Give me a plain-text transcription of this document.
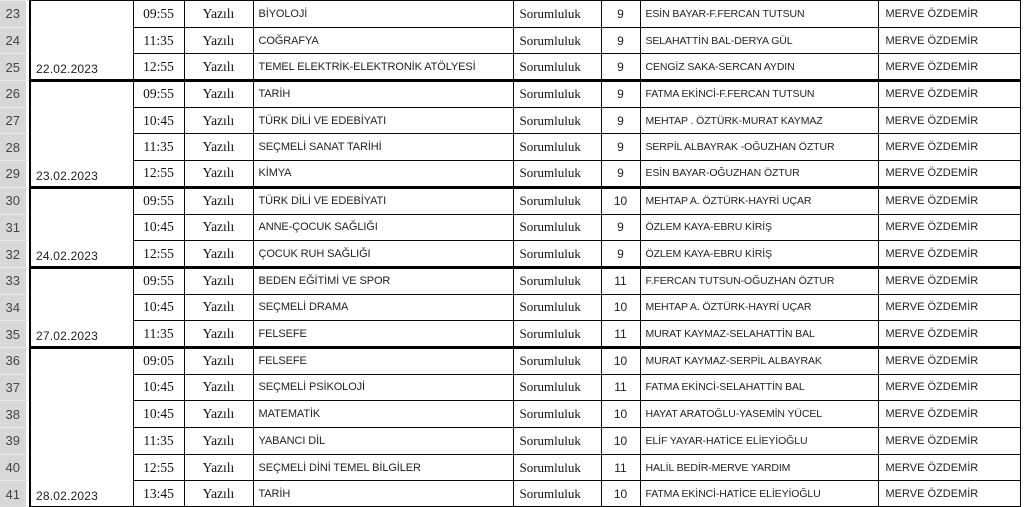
23	22.02.2023	09:55	Yazılı	BİYOLOJİ	Sorumluluk	9	ESİN BAYAR-F.FERCAN TUTSUN	MERVE ÖZDEMİR
24		11:35	Yazılı	COĞRAFYA	Sorumluluk	9	SELAHATTİN BAL-DERYA GÜL	MERVE ÖZDEMİR
25		12:55	Yazılı	TEMEL ELEKTRİK-ELEKTRONİK ATÖLYESİ	Sorumluluk	9	CENGİZ SAKA-SERCAN AYDIN	MERVE ÖZDEMİR
26	23.02.2023	09:55	Yazılı	TARİH	Sorumluluk	9	FATMA EKİNCİ-F.FERCAN TUTSUN	MERVE ÖZDEMİR
27		10:45	Yazılı	TÜRK DİLİ VE EDEBİYATI	Sorumluluk	9	MEHTAP . ÖZTÜRK-MURAT KAYMAZ	MERVE ÖZDEMİR
28		11:35	Yazılı	SEÇMELİ SANAT TARİHİ	Sorumluluk	9	SERPİL ALBAYRAK -OĞUZHAN ÖZTUR	MERVE ÖZDEMİR
29		12:55	Yazılı	KİMYA	Sorumluluk	9	ESİN BAYAR-OĞUZHAN ÖZTUR	MERVE ÖZDEMİR
30	24.02.2023	09:55	Yazılı	TÜRK DİLİ VE EDEBİYATI	Sorumluluk	10	MEHTAP A. ÖZTÜRK-HAYRİ UÇAR	MERVE ÖZDEMİR
31		10:45	Yazılı	ANNE-ÇOCUK SAĞLIĞI	Sorumluluk	9	ÖZLEM KAYA-EBRU KİRİŞ	MERVE ÖZDEMİR
32		12:55	Yazılı	ÇOCUK RUH SAĞLIĞI	Sorumluluk	9	ÖZLEM KAYA-EBRU KİRİŞ	MERVE ÖZDEMİR
33	27.02.2023	09:55	Yazılı	BEDEN EĞİTİMİ VE SPOR	Sorumluluk	11	F.FERCAN TUTSUN-OĞUZHAN ÖZTUR	MERVE ÖZDEMİR
34		10:45	Yazılı	SEÇMELİ DRAMA	Sorumluluk	10	MEHTAP A. ÖZTÜRK-HAYRİ UÇAR	MERVE ÖZDEMİR
35		11:35	Yazılı	FELSEFE	Sorumluluk	11	MURAT KAYMAZ-SELAHATTİN BAL	MERVE ÖZDEMİR
36	28.02.2023	09:05	Yazılı	FELSEFE	Sorumluluk	10	MURAT KAYMAZ-SERPİL ALBAYRAK	MERVE ÖZDEMİR
37		10:45	Yazılı	SEÇMELİ PSİKOLOJİ	Sorumluluk	11	FATMA EKİNCİ-SELAHATTİN BAL	MERVE ÖZDEMİR
38		10:45	Yazılı	MATEMATİK	Sorumluluk	10	HAYAT ARATOĞLU-YASEMİN YÜCEL	MERVE ÖZDEMİR
39		11:35	Yazılı	YABANCI DİL	Sorumluluk	10	ELİF YAYAR-HATİCE ELİEYİOĞLU	MERVE ÖZDEMİR
40		12:55	Yazılı	SEÇMELİ DİNİ TEMEL BİLGİLER	Sorumluluk	11	HALİL BEDİR-MERVE YARDIM	MERVE ÖZDEMİR
41		13:45	Yazılı	TARİH	Sorumluluk	10	FATMA EKİNCİ-HATİCE ELİEYİOĞLU	MERVE ÖZDEMİR
